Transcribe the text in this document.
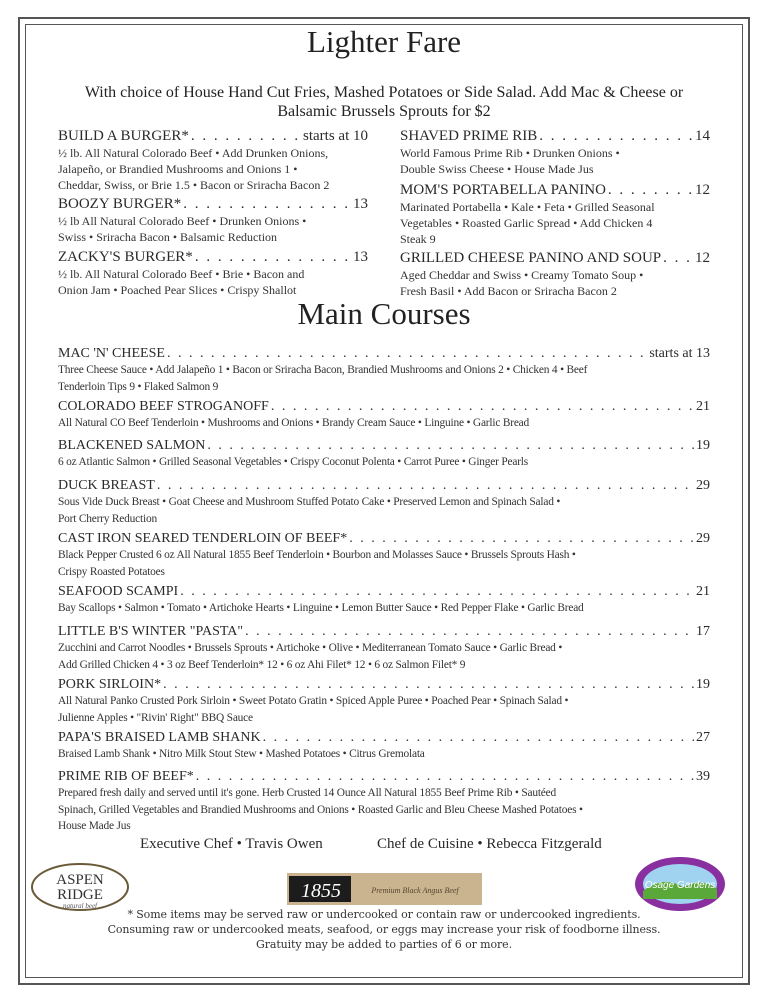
Lighter Fare
With choice of House Hand Cut Fries, Mashed Potatoes or Side Salad. Add Mac & Cheese or
Balsamic Brussels Sprouts for $2
BUILD A BURGER* . . .	starts at 10
½ lb. All Natural Colorado Beef • Add Drunken Onions,
Jalapeño, or Brandied Mushrooms and Onions 1 •
Cheddar, Swiss, or Brie 1.5 • Bacon or Sriracha Bacon 2
BOOZY BURGER* . . .	13
½ lb All Natural Colorado Beef • Drunken Onions •
Swiss • Sriracha Bacon • Balsamic Reduction
ZACKY'S BURGER* . . .	13
½ lb. All Natural Colorado Beef • Brie • Bacon and
Onion Jam • Poached Pear Slices • Crispy Shallot
SHAVED PRIME RIB . . .	14
World Famous Prime Rib • Drunken Onions •
Double Swiss Cheese • House Made Jus
MOM'S PORTABELLA PANINO . . .	12
Marinated Portabella • Kale • Feta • Grilled Seasonal
Vegetables • Roasted Garlic Spread • Add Chicken 4
Steak 9
GRILLED CHEESE PANINO AND SOUP . . . 12
Aged Cheddar and Swiss • Creamy Tomato Soup •
Fresh Basil • Add Bacon or Sriracha Bacon 2
Main Courses
MAC 'N' CHEESE . . .	starts at 13
Three Cheese Sauce • Add Jalapeño 1 • Bacon or Sriracha Bacon, Brandied Mushrooms and Onions 2 • Chicken 4 • Beef
Tenderloin Tips 9 • Flaked Salmon 9
COLORADO BEEF STROGANOFF . . .	21
All Natural CO Beef Tenderloin • Mushrooms and Onions • Brandy Cream Sauce • Linguine • Garlic Bread
BLACKENED SALMON . . .	19
6 oz Atlantic Salmon • Grilled Seasonal Vegetables • Crispy Coconut Polenta • Carrot Puree • Ginger Pearls
DUCK BREAST . . .	29
Sous Vide Duck Breast • Goat Cheese and Mushroom Stuffed Potato Cake • Preserved Lemon and Spinach Salad •
Port Cherry Reduction
CAST IRON SEARED TENDERLOIN OF BEEF* . . .	29
Black Pepper Crusted 6 oz All Natural 1855 Beef Tenderloin • Bourbon and Molasses Sauce • Brussels Sprouts Hash •
Crispy Roasted Potatoes
SEAFOOD SCAMPI . . .	21
Bay Scallops • Salmon • Tomato • Artichoke Hearts • Linguine • Lemon Butter Sauce • Red Pepper Flake • Garlic Bread
LITTLE B'S WINTER "PASTA" . . .	17
Zucchini and Carrot Noodles • Brussels Sprouts • Artichoke • Olive • Mediterranean Tomato Sauce • Garlic Bread •
Add Grilled Chicken 4 • 3 oz Beef Tenderloin* 12 • 6 oz Ahi Filet* 12 • 6 oz Salmon Filet* 9
PORK SIRLOIN* . . .	19
All Natural Panko Crusted Pork Sirloin • Sweet Potato Gratin • Spiced Apple Puree • Poached Pear • Spinach Salad •
Julienne Apples • "Rivin' Right" BBQ Sauce
PAPA'S BRAISED LAMB SHANK . . .	27
Braised Lamb Shank • Nitro Milk Stout Stew • Mashed Potatoes • Citrus Gremolata
PRIME RIB OF BEEF* . . .	39
Prepared fresh daily and served until it's gone. Herb Crusted 14 Ounce All Natural 1855 Beef Prime Rib • Sautéed
Spinach, Grilled Vegetables and Brandied Mushrooms and Onions • Roasted Garlic and Bleu Cheese Mashed Potatoes •
House Made Jus
Executive Chef • Travis Owen	Chef de Cuisine • Rebecca Fitzgerald
ASPEN
RIDGE
natural beef
1855	Premium Black Angus Beef	Osage Gardens
* Some items may be served raw or undercooked or contain raw or undercooked ingredients.
Consuming raw or undercooked meats, seafood, or eggs may increase your risk of foodborne illness.
Gratuity may be added to parties of 6 or more.
